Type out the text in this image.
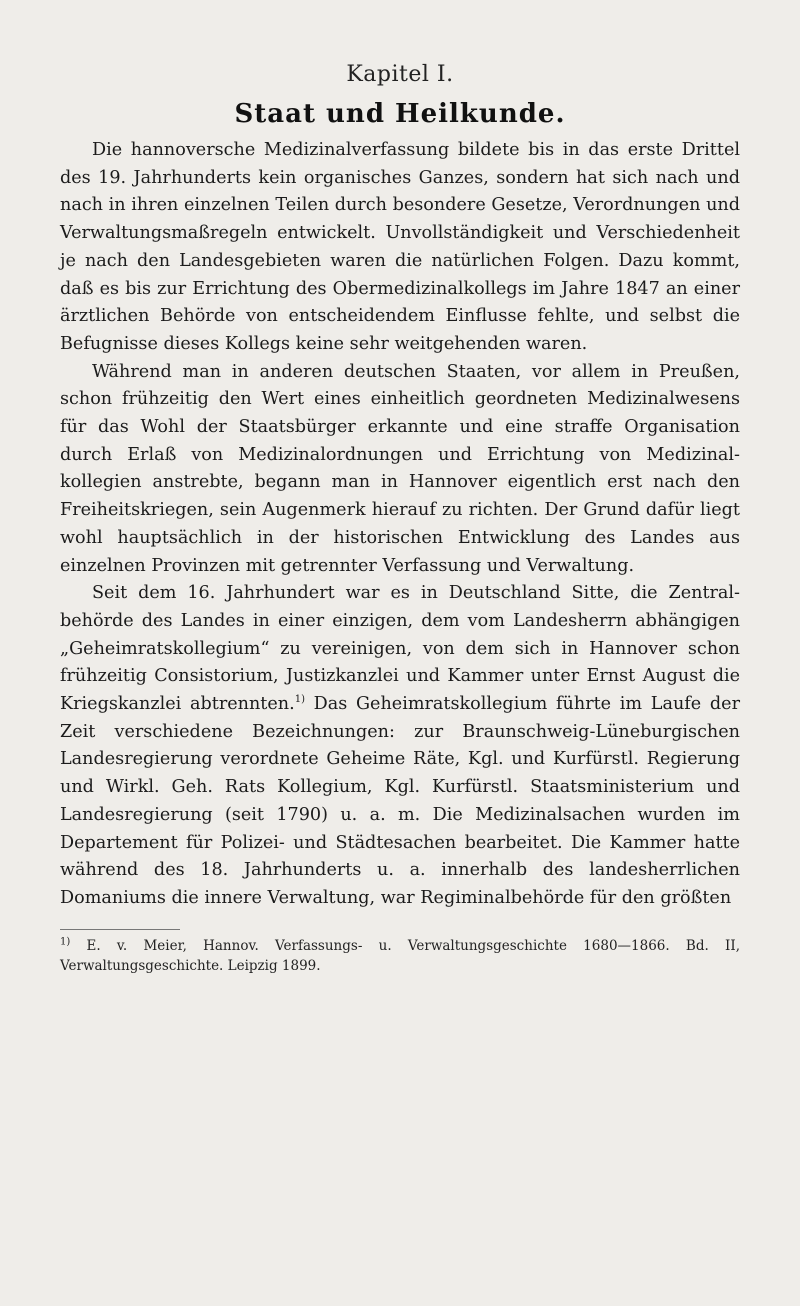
Kapitel I.
Staat und Heilkunde.

Die hannoversche Medizinalverfassung bildete bis in das erste Drittel des 19. Jahrhunderts kein organisches Ganzes, sondern hat sich nach und nach in ihren einzelnen Teilen durch besondere Gesetze, Verordnungen und Verwaltungsmaßregeln entwickelt. Unvollständigkeit und Verschiedenheit je nach den Landesgebieten waren die natürlichen Folgen. Dazu kommt, daß es bis zur Errichtung des Obermedizinalkollegs im Jahre 1847 an einer ärztlichen Behörde von entscheidendem Einflusse fehlte, und selbst die Befugnisse dieses Kollegs keine sehr weitgehenden waren.

Während man in anderen deutschen Staaten, vor allem in Preußen, schon frühzeitig den Wert eines einheitlich geordneten Medizinalwesens für das Wohl der Staatsbürger erkannte und eine straffe Organisation durch Erlaß von Medizinalordnungen und Errichtung von Medizinal-kollegien anstrebte, begann man in Hannover eigentlich erst nach den Freiheitskriegen, sein Augenmerk hierauf zu richten. Der Grund dafür liegt wohl hauptsächlich in der historischen Entwicklung des Landes aus einzelnen Provinzen mit getrennter Verfassung und Verwaltung.

Seit dem 16. Jahrhundert war es in Deutschland Sitte, die Zentral-behörde des Landes in einer einzigen, dem vom Landesherrn abhängigen „Geheimratskollegium“ zu vereinigen, von dem sich in Hannover schon frühzeitig Consistorium, Justizkanzlei und Kammer unter Ernst August die Kriegskanzlei abtrennten.$^{1)}$ Das Geheimratskollegium führte im Laufe der Zeit verschiedene Bezeichnungen: zur Braunschweig-Lüneburgischen Landesregierung verordnete Geheime Räte, Kgl. und Kurfürstl. Regierung und Wirkl. Geh. Rats Kollegium, Kgl. Kurfürstl. Staatsministerium und Landesregierung (seit 1790) u. a. m. Die Medizinalsachen wurden im Departement für Polizei- und Städtesachen bearbeitet. Die Kammer hatte während des 18. Jahrhunderts u. a. innerhalb des landesherrlichen Domaniums die innere Verwaltung, war Regiminalbehörde für den größten

$^{1)}$ E. v. Meier, Hannov. Verfassungs- u. Verwaltungsgeschichte 1680—1866. Bd. II, Verwaltungsgeschichte. Leipzig 1899.
